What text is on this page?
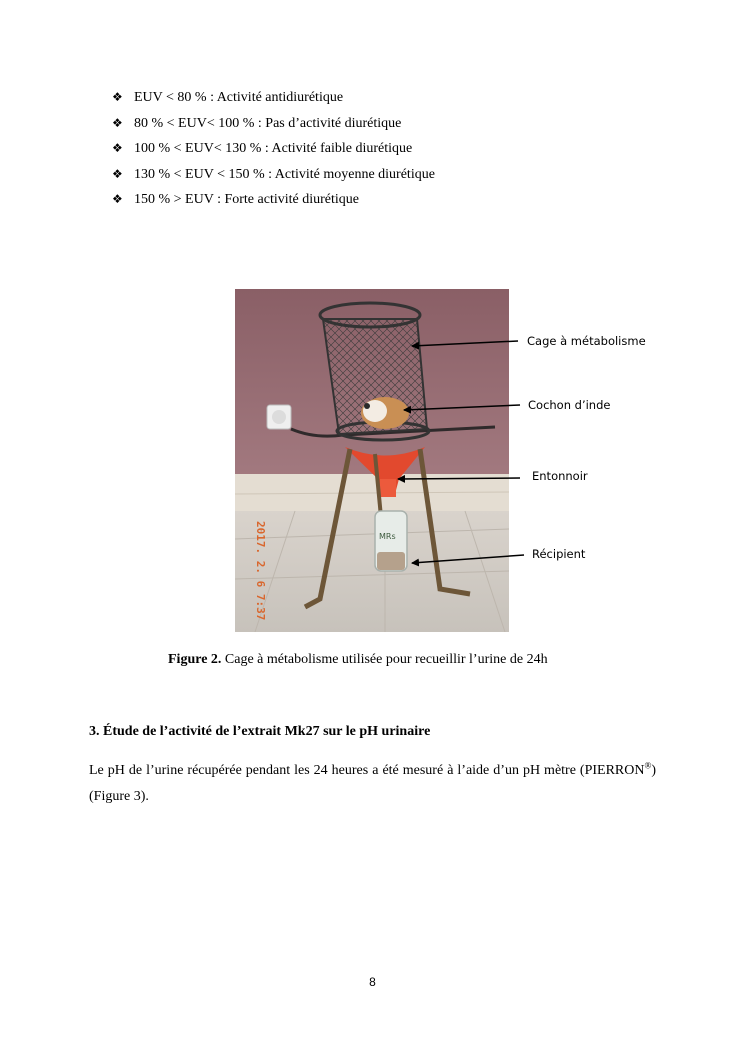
❖ EUV < 80 % : Activité antidiurétique
❖ 80 % < EUV< 100 % : Pas d’activité diurétique
❖ 100 % < EUV< 130 % : Activité faible diurétique
❖ 130 % < EUV < 150 % : Activité moyenne diurétique
❖ 150 % > EUV : Forte activité diurétique
MRs
2017. 2. 6 7:37
Cage à métabolisme
Cochon d’inde
Entonnoir
Récipient
Figure 2. Cage à métabolisme utilisée pour recueillir l’urine de 24h
3. Étude de l’activité de l’extrait Mk27 sur le pH urinaire

Le pH de l’urine récupérée pendant les 24 heures a été mesuré à l’aide d’un pH mètre (PIERRON®) (Figure 3).

8
